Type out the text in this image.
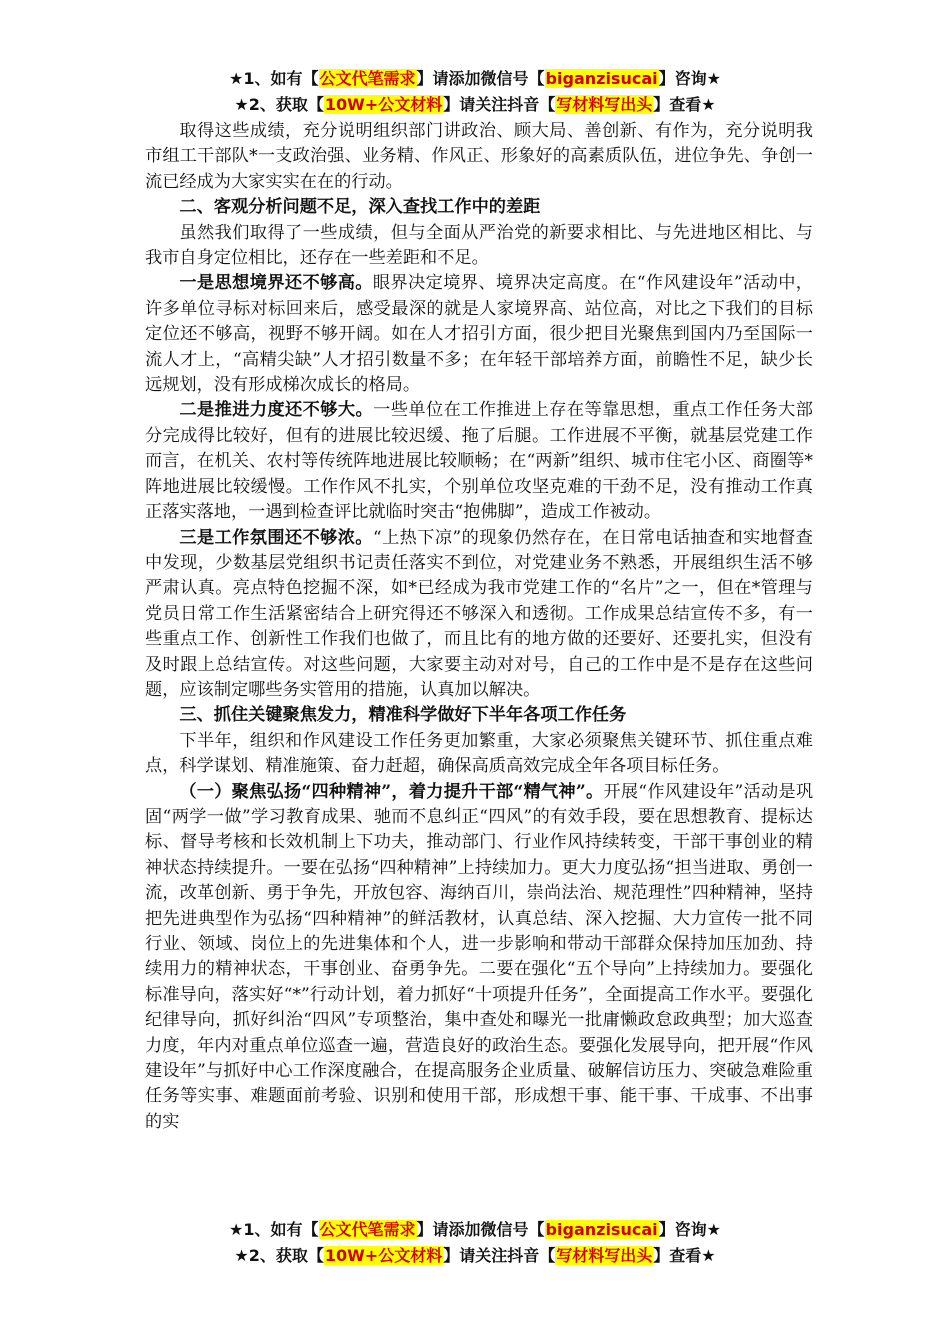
★1、如有【公文代笔需求】请添加微信号【biganzisucai】咨询★
★2、获取【10W+公文材料】请关注抖音【写材料写出头】查看★

取得这些成绩，充分说明组织部门讲政治、顾大局、善创新、有作为，充分说明我市组工干部队*一支政治强、业务精、作风正、形象好的高素质队伍，进位争先、争创一流已经成为大家实实在在的行动。

二、客观分析问题不足，深入查找工作中的差距

虽然我们取得了一些成绩，但与全面从严治党的新要求相比、与先进地区相比、与我市自身定位相比，还存在一些差距和不足。

一是思想境界还不够高。眼界决定境界、境界决定高度。在“作风建设年”活动中，许多单位寻标对标回来后，感受最深的就是人家境界高、站位高，对比之下我们的目标定位还不够高，视野不够开阔。如在人才招引方面，很少把目光聚焦到国内乃至国际一流人才上，“高精尖缺”人才招引数量不多；在年轻干部培养方面，前瞻性不足，缺少长远规划，没有形成梯次成长的格局。

二是推进力度还不够大。一些单位在工作推进上存在等靠思想，重点工作任务大部分完成得比较好，但有的进展比较迟缓、拖了后腿。工作进展不平衡，就基层党建工作而言，在机关、农村等传统阵地进展比较顺畅；在“两新”组织、城市住宅小区、商圈等*阵地进展比较缓慢。工作作风不扎实，个别单位攻坚克难的干劲不足，没有推动工作真正落实落地，一遇到检查评比就临时突击“抱佛脚”，造成工作被动。

三是工作氛围还不够浓。“上热下凉”的现象仍然存在，在日常电话抽查和实地督查中发现，少数基层党组织书记责任落实不到位，对党建业务不熟悉，开展组织生活不够严肃认真。亮点特色挖掘不深，如*已经成为我市党建工作的“名片”之一，但在*管理与党员日常工作生活紧密结合上研究得还不够深入和透彻。工作成果总结宣传不多，有一些重点工作、创新性工作我们也做了，而且比有的地方做的还要好、还要扎实，但没有及时跟上总结宣传。对这些问题，大家要主动对对号，自己的工作中是不是存在这些问题，应该制定哪些务实管用的措施，认真加以解决。

三、抓住关键聚焦发力，精准科学做好下半年各项工作任务

下半年，组织和作风建设工作任务更加繁重，大家必须聚焦关键环节、抓住重点难点，科学谋划、精准施策、奋力赶超，确保高质高效完成全年各项目标任务。

（一）聚焦弘扬“四种精神”，着力提升干部“精气神”。开展“作风建设年”活动是巩固“两学一做”学习教育成果、驰而不息纠正“四风”的有效手段，要在思想教育、提标达标、督导考核和长效机制上下功夫，推动部门、行业作风持续转变，干部干事创业的精神状态持续提升。一要在弘扬“四种精神”上持续加力。更大力度弘扬“担当进取、勇创一流，改革创新、勇于争先，开放包容、海纳百川，崇尚法治、规范理性”四种精神，坚持把先进典型作为弘扬“四种精神”的鲜活教材，认真总结、深入挖掘、大力宣传一批不同行业、领域、岗位上的先进集体和个人，进一步影响和带动干部群众保持加压加劲、持续用力的精神状态，干事创业、奋勇争先。二要在强化“五个导向”上持续加力。要强化标准导向，落实好“*”行动计划，着力抓好“十项提升任务”，全面提高工作水平。要强化纪律导向，抓好纠治“四风”专项整治，集中查处和曝光一批庸懒政怠政典型；加大巡查力度，年内对重点单位巡查一遍，营造良好的政治生态。要强化发展导向，把开展“作风建设年”与抓好中心工作深度融合，在提高服务企业质量、破解信访压力、突破急难险重任务等实事、难题面前考验、识别和使用干部，形成想干事、能干事、干成事、不出事的实

★1、如有【公文代笔需求】请添加微信号【biganzisucai】咨询★
★2、获取【10W+公文材料】请关注抖音【写材料写出头】查看★
